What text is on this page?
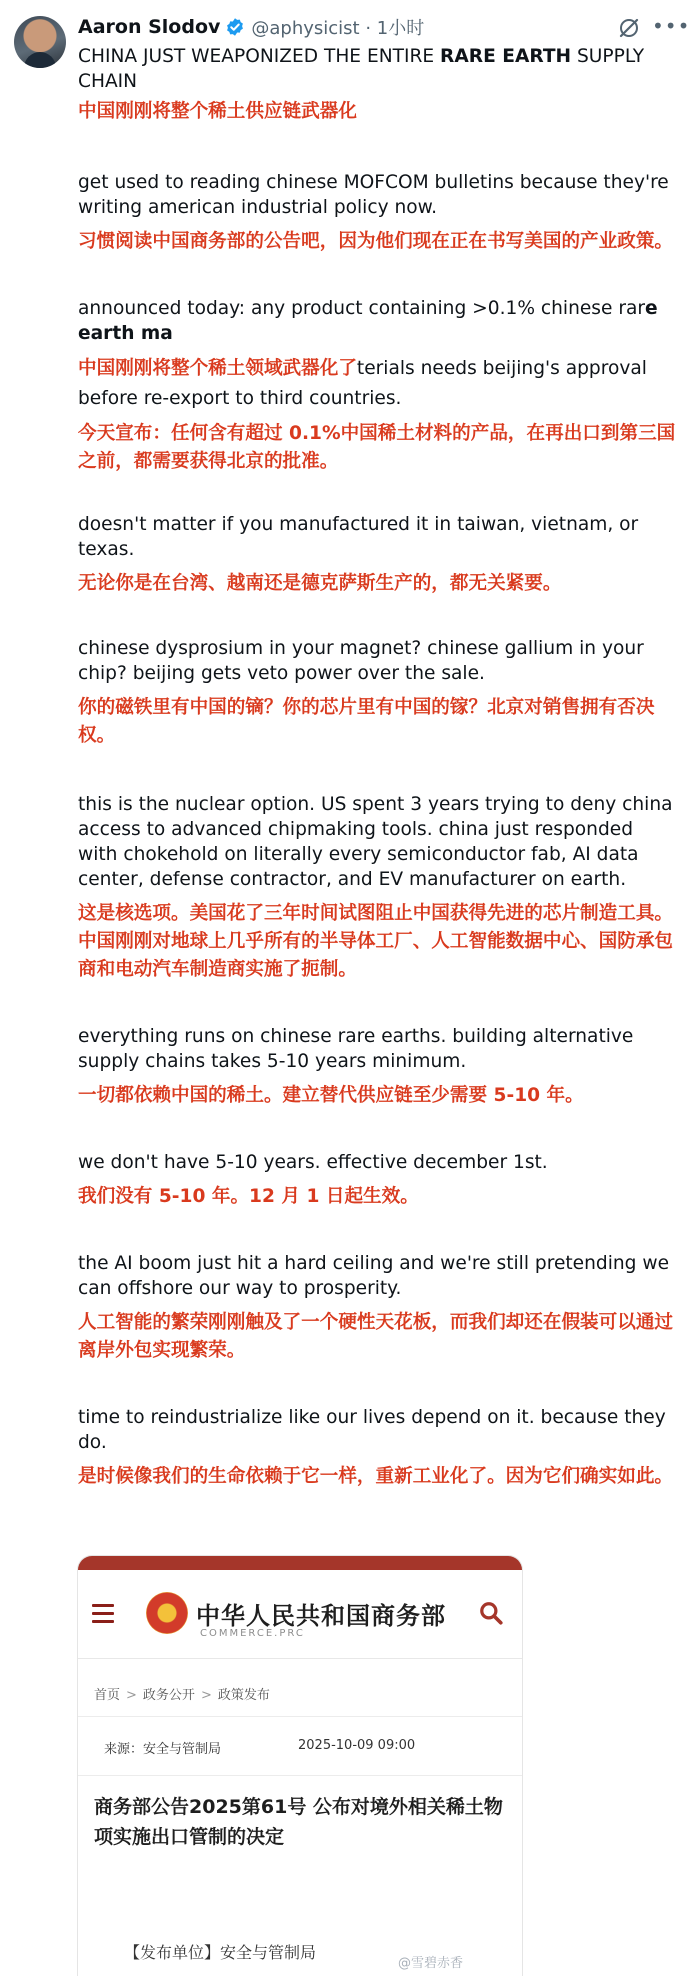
Aaron Slodov @aphysicist · 1小时	•••

CHINA JUST WEAPONIZED THE ENTIRE RARE EARTH SUPPLY CHAIN

中国刚刚将整个稀土供应链武器化

get used to reading chinese MOFCOM bulletins because they're writing american industrial policy now.

习惯阅读中国商务部的公告吧，因为他们现在正在书写美国的产业政策。

announced today: any product containing >0.1% chinese rare
earth ma

中国刚刚将整个稀土领域武器化了terials needs beijing's approval
before re-export to third countries.

今天宣布：任何含有超过 0.1%中国稀土材料的产品，在再出口到第三国之前，都需要获得北京的批准。

doesn't matter if you manufactured it in taiwan, vietnam, or texas.

无论你是在台湾、越南还是德克萨斯生产的，都无关紧要。

chinese dysprosium in your magnet? chinese gallium in your chip? beijing gets veto power over the sale.

你的磁铁里有中国的镝？你的芯片里有中国的镓？北京对销售拥有否决权。

this is the nuclear option. US spent 3 years trying to deny china access to advanced chipmaking tools. china just responded with chokehold on literally every semiconductor fab, AI data center, defense contractor, and EV manufacturer on earth.

这是核选项。美国花了三年时间试图阻止中国获得先进的芯片制造工具。中国刚刚对地球上几乎所有的半导体工厂、人工智能数据中心、国防承包商和电动汽车制造商实施了扼制。

everything runs on chinese rare earths. building alternative supply chains takes 5-10 years minimum.

一切都依赖中国的稀土。建立替代供应链至少需要 5-10 年。

we don't have 5-10 years. effective december 1st.

我们没有 5-10 年。12 月 1 日起生效。

the AI boom just hit a hard ceiling and we're still pretending we can offshore our way to prosperity.

人工智能的繁荣刚刚触及了一个硬性天花板，而我们却还在假装可以通过离岸外包实现繁荣。

time to reindustrialize like our lives depend on it. because they do.

是时候像我们的生命依赖于它一样，重新工业化了。因为它们确实如此。

中华人民共和国商务部
COMMERCE.PRC
首页 > 政务公开 > 政策发布
来源：安全与管制局	2025-10-09 09:00
商务部公告2025第61号 公布对境外相关稀土物项实施出口管制的决定
【发布单位】安全与管制局
@雪碧赤香
